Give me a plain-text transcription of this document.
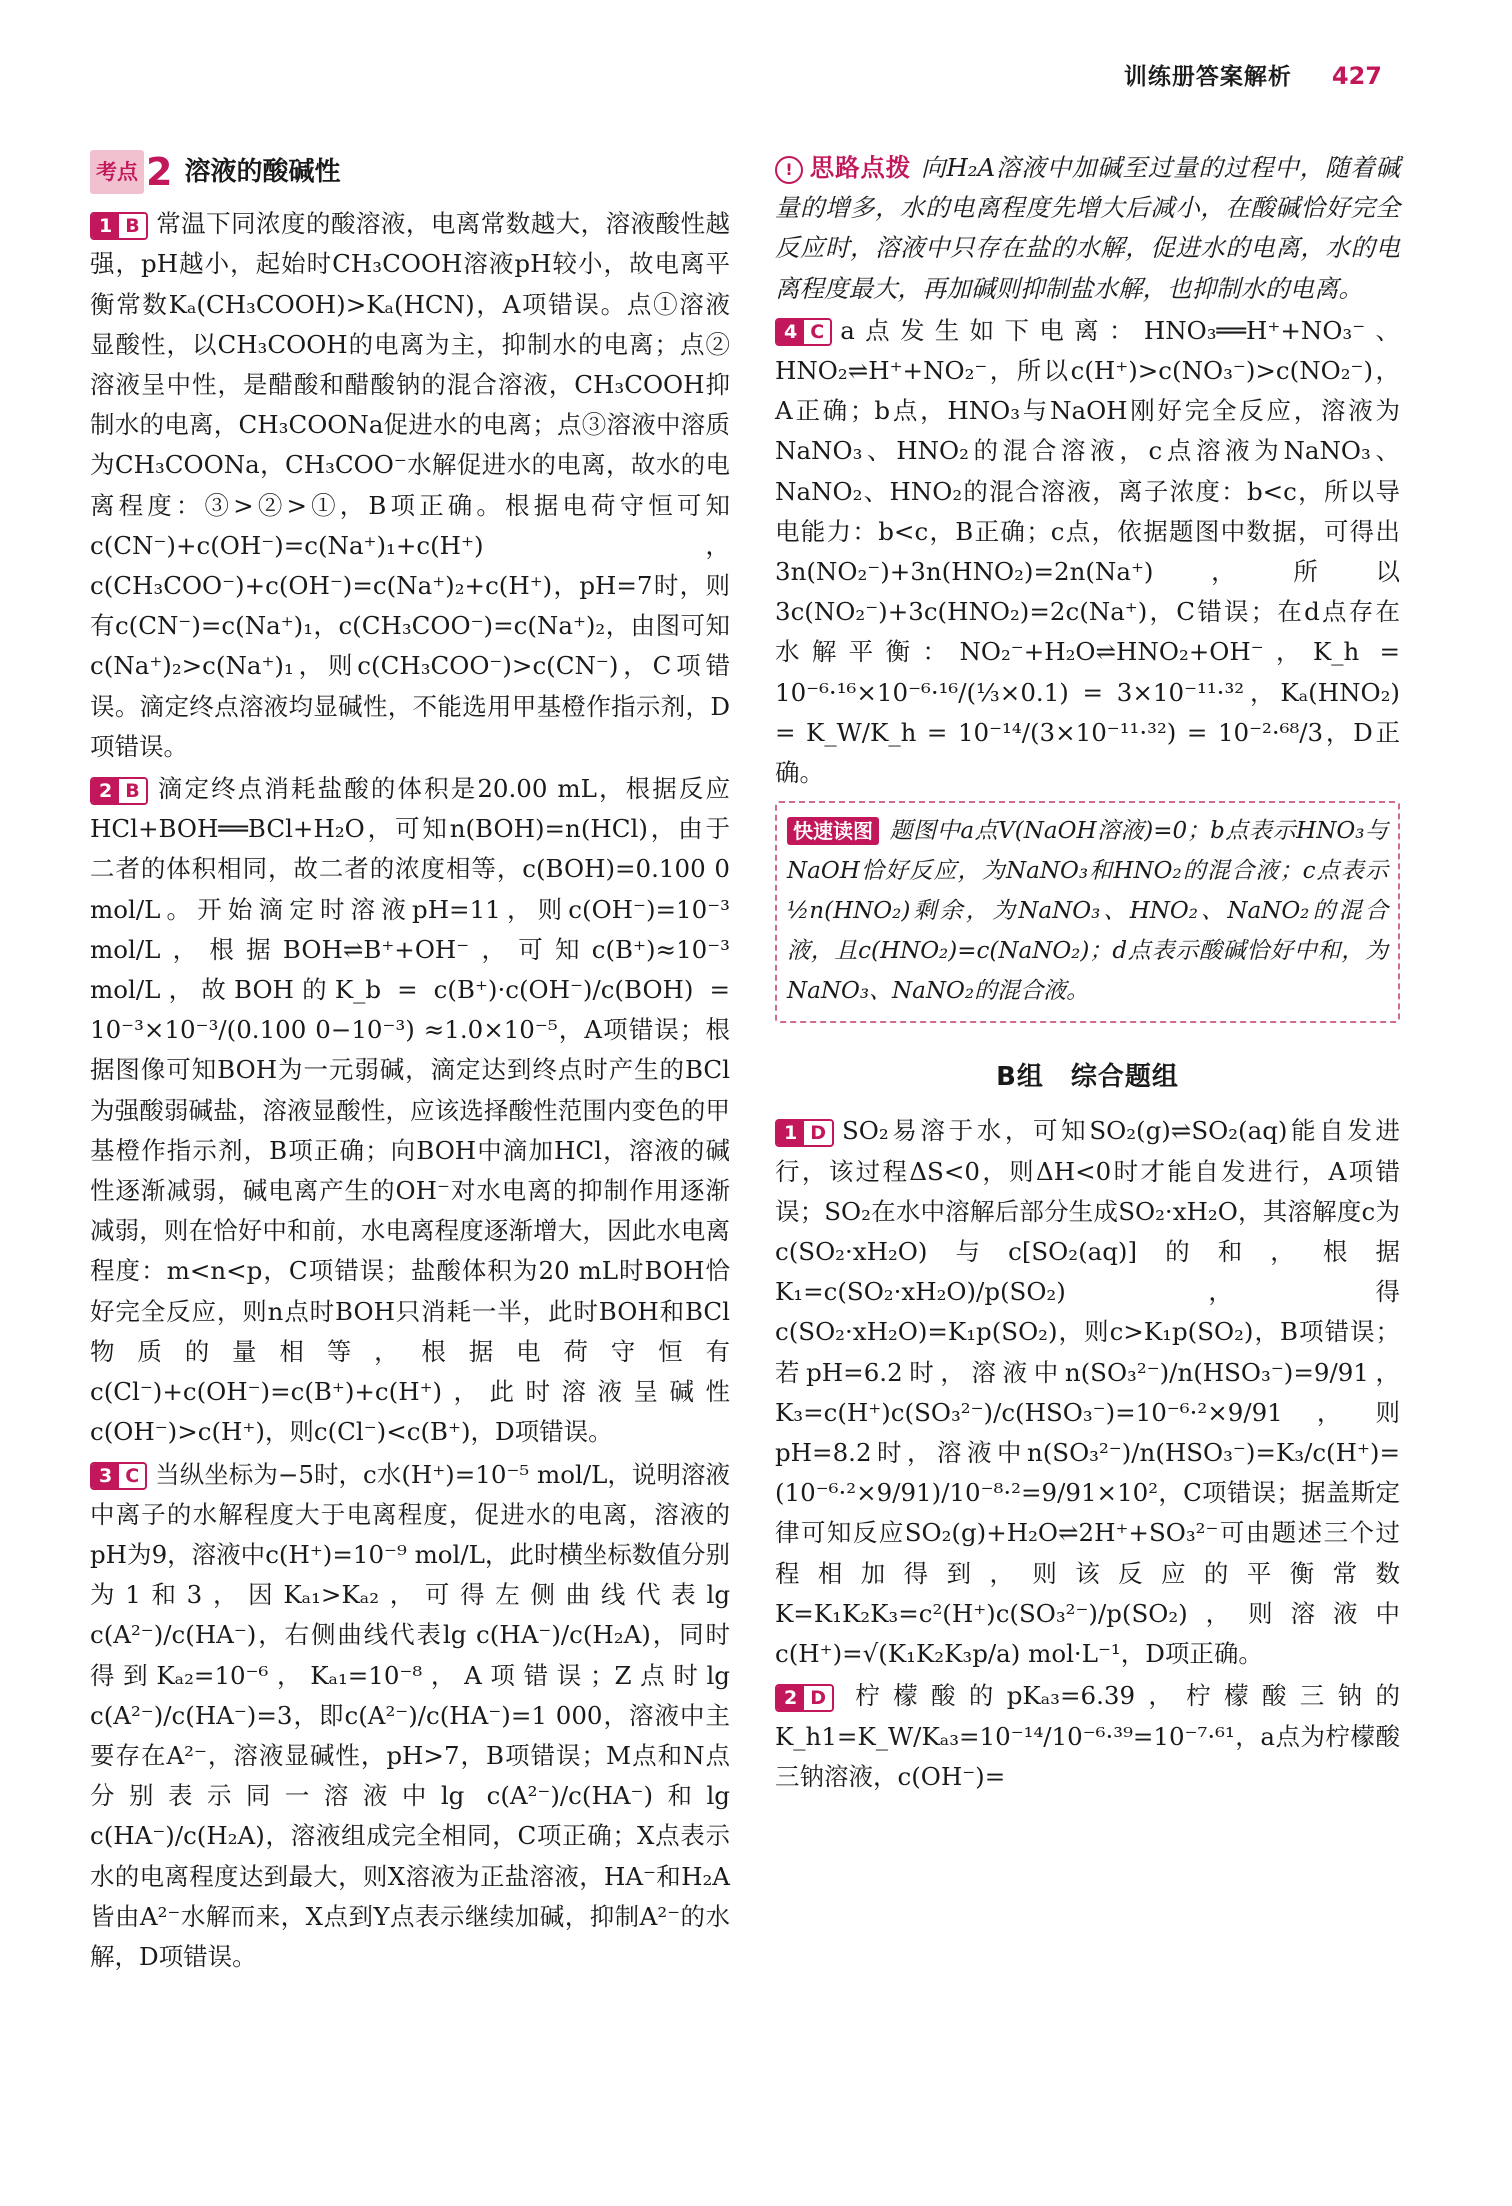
训练册答案解析 427
考点 2 溶液的酸碱性

1 B 常温下同浓度的酸溶液，电离常数越大，溶液酸性越强，pH越小，起始时CH₃COOH溶液pH较小，故电离平衡常数Kₐ(CH₃COOH)>Kₐ(HCN)，A项错误。点①溶液显酸性，以CH₃COOH的电离为主，抑制水的电离；点②溶液呈中性，是醋酸和醋酸钠的混合溶液，CH₃COOH抑制水的电离，CH₃COONa促进水的电离；点③溶液中溶质为CH₃COONa，CH₃COO⁻水解促进水的电离，故水的电离程度：③>②>①，B项正确。根据电荷守恒可知c(CN⁻)+c(OH⁻)=c(Na⁺)₁+c(H⁺)，c(CH₃COO⁻)+c(OH⁻)=c(Na⁺)₂+c(H⁺)，pH=7时，则有c(CN⁻)=c(Na⁺)₁，c(CH₃COO⁻)=c(Na⁺)₂，由图可知c(Na⁺)₂>c(Na⁺)₁，则c(CH₃COO⁻)>c(CN⁻)，C项错误。滴定终点溶液均显碱性，不能选用甲基橙作指示剂，D项错误。

2 B 滴定终点消耗盐酸的体积是20.00 mL，根据反应HCl+BOH══BCl+H₂O，可知n(BOH)=n(HCl)，由于二者的体积相同，故二者的浓度相等，c(BOH)=0.100 0 mol/L。开始滴定时溶液pH=11，则c(OH⁻)=10⁻³ mol/L，根据BOH⇌B⁺+OH⁻，可知c(B⁺)≈10⁻³ mol/L，故BOH的K_b = c(B⁺)·c(OH⁻)/c(BOH) = 10⁻³×10⁻³/(0.100 0−10⁻³) ≈1.0×10⁻⁵，A项错误；根据图像可知BOH为一元弱碱，滴定达到终点时产生的BCl为强酸弱碱盐，溶液显酸性，应该选择酸性范围内变色的甲基橙作指示剂，B项正确；向BOH中滴加HCl，溶液的碱性逐渐减弱，碱电离产生的OH⁻对水电离的抑制作用逐渐减弱，则在恰好中和前，水电离程度逐渐增大，因此水电离程度：m<n<p，C项错误；盐酸体积为20 mL时BOH恰好完全反应，则n点时BOH只消耗一半，此时BOH和BCl物质的量相等，根据电荷守恒有c(Cl⁻)+c(OH⁻)=c(B⁺)+c(H⁺)，此时溶液呈碱性c(OH⁻)>c(H⁺)，则c(Cl⁻)<c(B⁺)，D项错误。

3 C 当纵坐标为−5时，c水(H⁺)=10⁻⁵ mol/L，说明溶液中离子的水解程度大于电离程度，促进水的电离，溶液的pH为9，溶液中c(H⁺)=10⁻⁹ mol/L，此时横坐标数值分别为1和3，因Kₐ₁>Kₐ₂，可得左侧曲线代表lg c(A²⁻)/c(HA⁻)，右侧曲线代表lg c(HA⁻)/c(H₂A)，同时得到Kₐ₂=10⁻⁶，Kₐ₁=10⁻⁸，A项错误；Z点时lg c(A²⁻)/c(HA⁻)=3，即c(A²⁻)/c(HA⁻)=1 000，溶液中主要存在A²⁻，溶液显碱性，pH>7，B项错误；M点和N点分别表示同一溶液中lg c(A²⁻)/c(HA⁻)和lg c(HA⁻)/c(H₂A)，溶液组成完全相同，C项正确；X点表示水的电离程度达到最大，则X溶液为正盐溶液，HA⁻和H₂A皆由A²⁻水解而来，X点到Y点表示继续加碱，抑制A²⁻的水解，D项错误。

! 思路点拨 向H₂A溶液中加碱至过量的过程中，随着碱量的增多，水的电离程度先增大后减小，在酸碱恰好完全反应时，溶液中只存在盐的水解，促进水的电离，水的电离程度最大，再加碱则抑制盐水解，也抑制水的电离。

4 C a点发生如下电离：HNO₃══H⁺+NO₃⁻、HNO₂⇌H⁺+NO₂⁻，所以c(H⁺)>c(NO₃⁻)>c(NO₂⁻)，A正确；b点，HNO₃与NaOH刚好完全反应，溶液为NaNO₃、HNO₂的混合溶液，c点溶液为NaNO₃、NaNO₂、HNO₂的混合溶液，离子浓度：b<c，所以导电能力：b<c，B正确；c点，依据题图中数据，可得出3n(NO₂⁻)+3n(HNO₂)=2n(Na⁺)，所以3c(NO₂⁻)+3c(HNO₂)=2c(Na⁺)，C错误；在d点存在水解平衡：NO₂⁻+H₂O⇌HNO₂+OH⁻，K_h = 10⁻⁶·¹⁶×10⁻⁶·¹⁶/(⅓×0.1) = 3×10⁻¹¹·³²，Kₐ(HNO₂) = K_W/K_h = 10⁻¹⁴/(3×10⁻¹¹·³²) = 10⁻²·⁶⁸/3，D正确。

快速读图 题图中a点V(NaOH溶液)=0；b点表示HNO₃与NaOH恰好反应，为NaNO₃和HNO₂的混合液；c点表示½n(HNO₂)剩余，为NaNO₃、HNO₂、NaNO₂的混合液，且c(HNO₂)=c(NaNO₂)；d点表示酸碱恰好中和，为NaNO₃、NaNO₂的混合液。
B组　综合题组

1 D SO₂易溶于水，可知SO₂(g)⇌SO₂(aq)能自发进行，该过程ΔS<0，则ΔH<0时才能自发进行，A项错误；SO₂在水中溶解后部分生成SO₂·xH₂O，其溶解度c为c(SO₂·xH₂O)与c[SO₂(aq)]的和，根据K₁=c(SO₂·xH₂O)/p(SO₂)，得c(SO₂·xH₂O)=K₁p(SO₂)，则c>K₁p(SO₂)，B项错误；若pH=6.2时，溶液中n(SO₃²⁻)/n(HSO₃⁻)=9/91，K₃=c(H⁺)c(SO₃²⁻)/c(HSO₃⁻)=10⁻⁶·²×9/91，则pH=8.2时，溶液中n(SO₃²⁻)/n(HSO₃⁻)=K₃/c(H⁺)=(10⁻⁶·²×9/91)/10⁻⁸·²=9/91×10²，C项错误；据盖斯定律可知反应SO₂(g)+H₂O⇌2H⁺+SO₃²⁻可由题述三个过程相加得到，则该反应的平衡常数K=K₁K₂K₃=c²(H⁺)c(SO₃²⁻)/p(SO₂)，则溶液中c(H⁺)=√(K₁K₂K₃p/a) mol·L⁻¹，D项正确。

2 D 柠檬酸的pKₐ₃=6.39，柠檬酸三钠的K_h1=K_W/Kₐ₃=10⁻¹⁴/10⁻⁶·³⁹=10⁻⁷·⁶¹，a点为柠檬酸三钠溶液，c(OH⁻)=
